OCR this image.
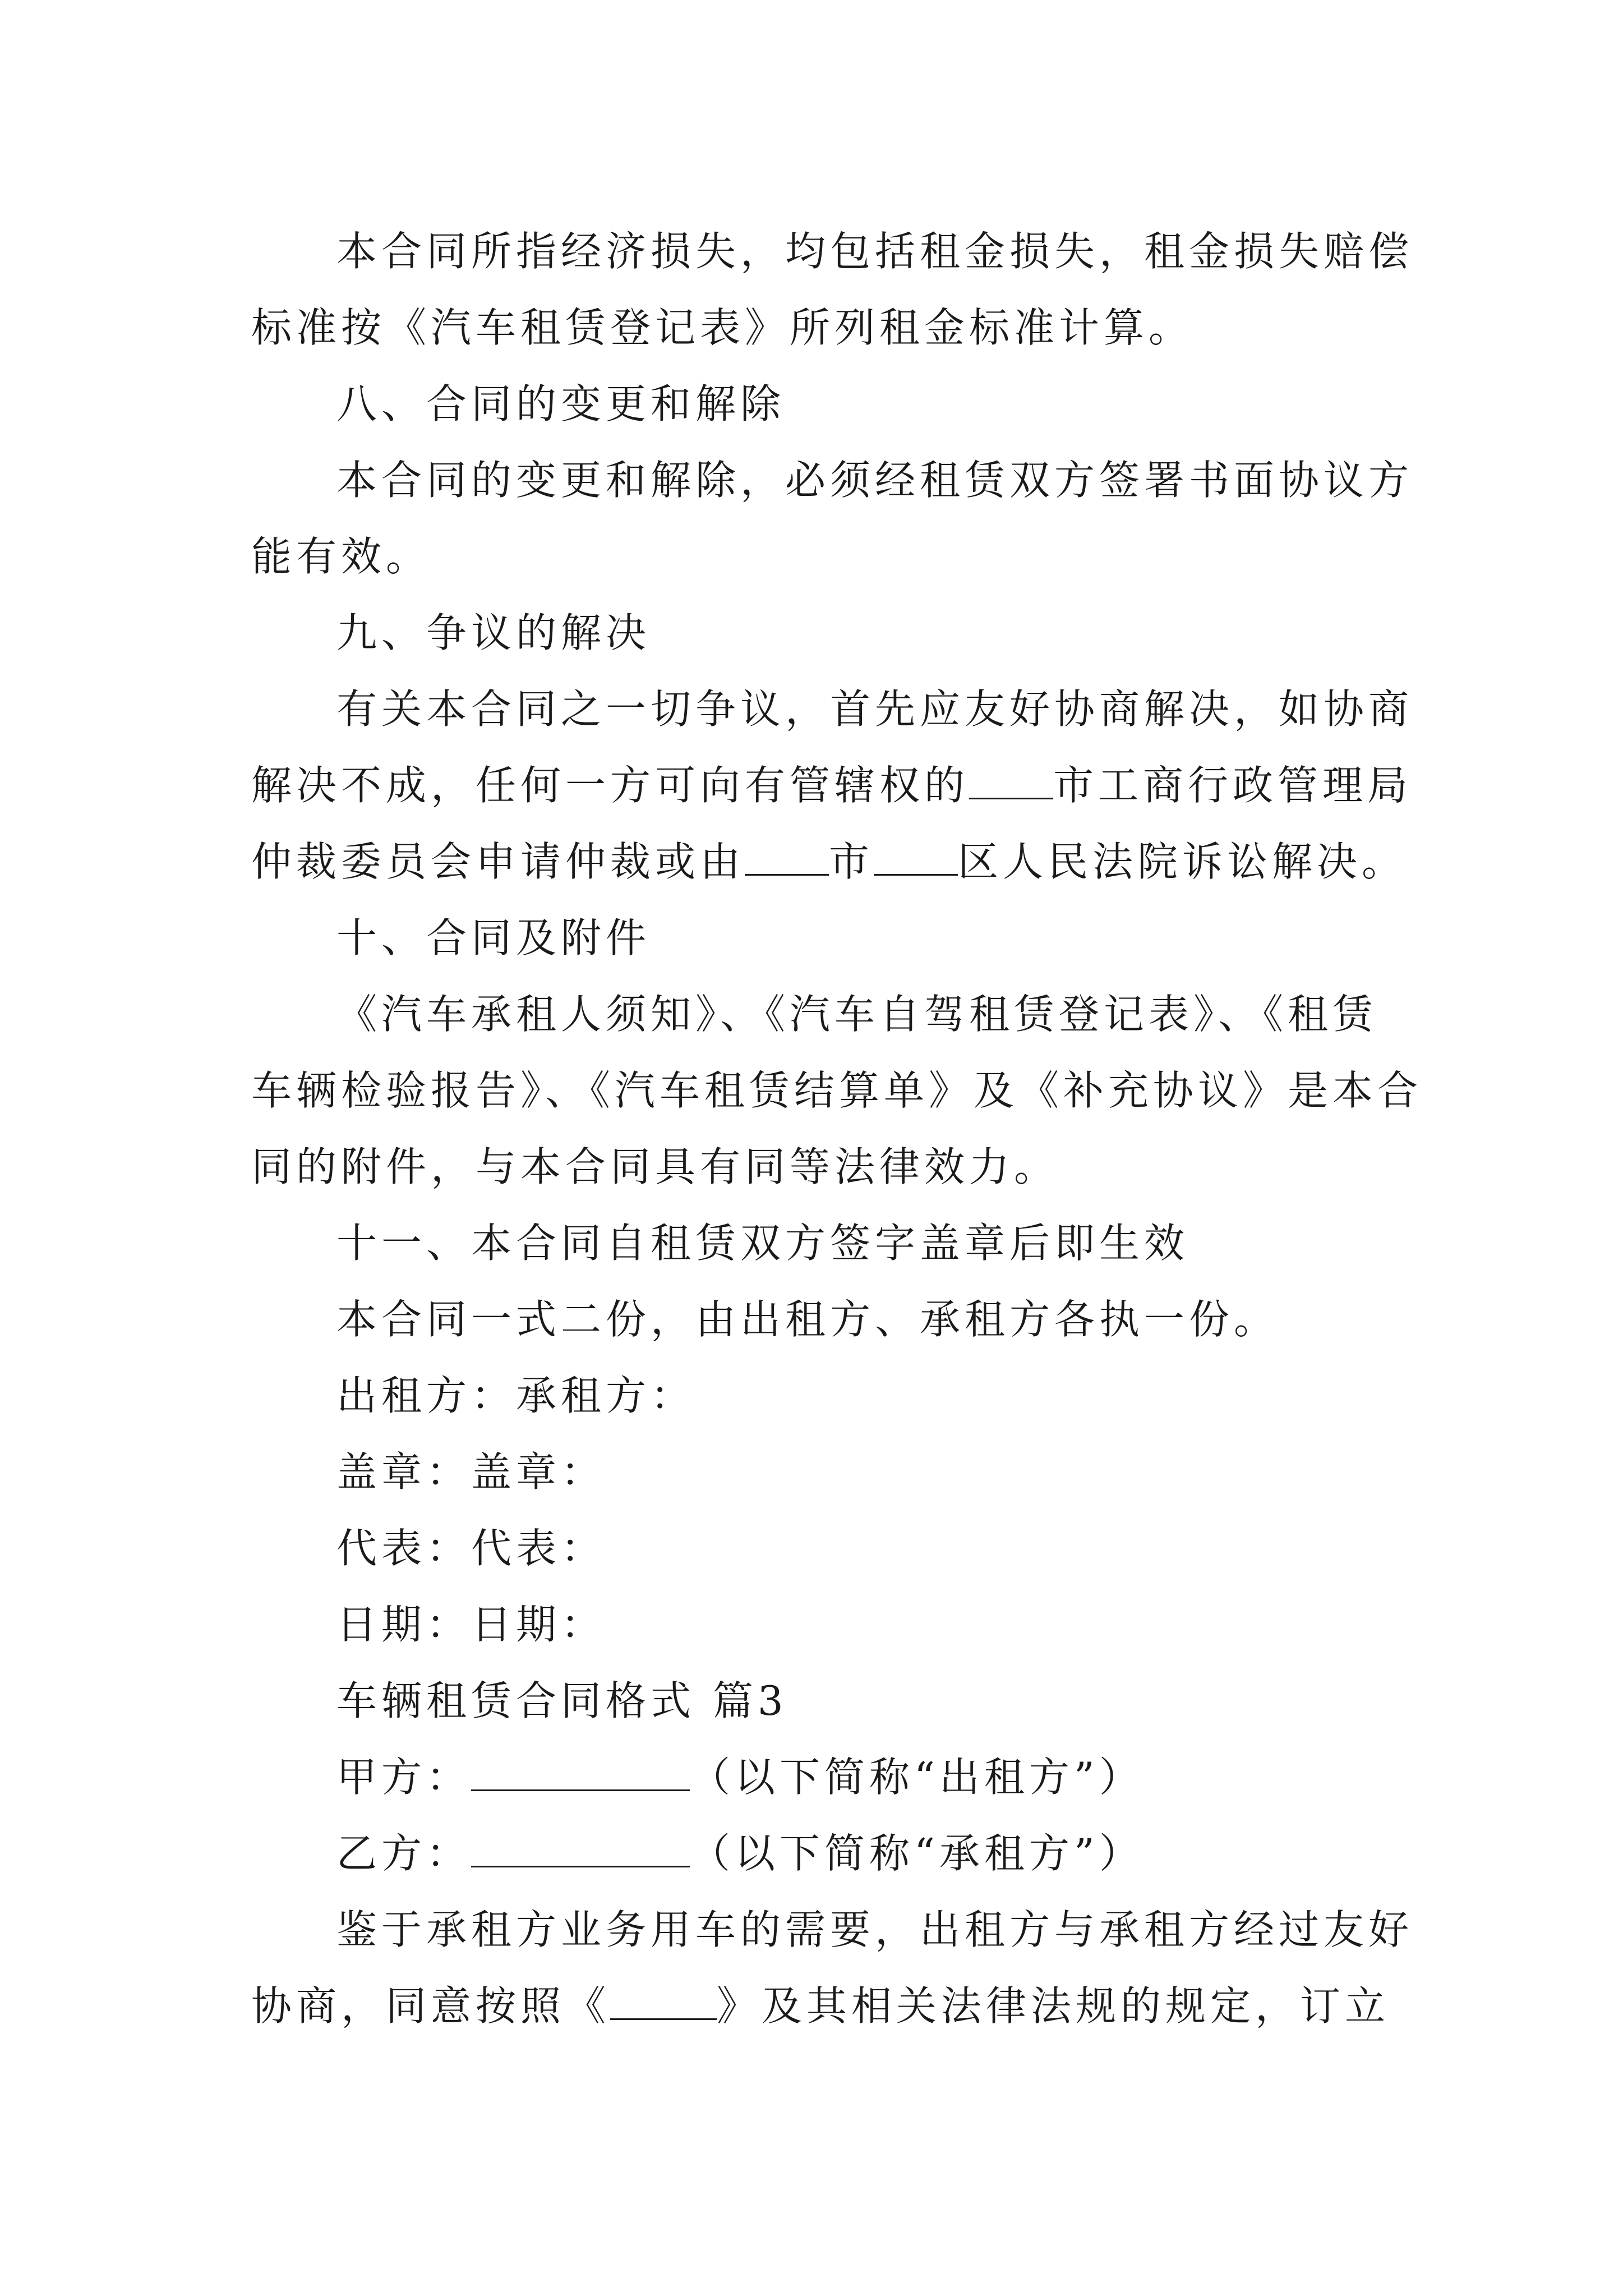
本合同所指经济损失，均包括租金损失，租金损失赔偿
标准按《汽车租赁登记表》所列租金标准计算。

八、合同的变更和解除

本合同的变更和解除，必须经租赁双方签署书面协议方
能有效。

九、争议的解决

有关本合同之一切争议，首先应友好协商解决，如协商
解决不成，任何一方可向有管辖权的 市工商行政管理局
仲裁委员会申请仲裁或由 市 区人民法院诉讼解决。

十、合同及附件

《汽车承租人须知》、《汽车自驾租赁登记表》、《租赁
车辆检验报告》、《汽车租赁结算单》及《补充协议》是本合
同的附件，与本合同具有同等法律效力。

十一、本合同自租赁双方签字盖章后即生效

本合同一式二份，由出租方、承租方各执一份。

出租方：承租方：

盖章：盖章：

代表：代表：

日期：日期：

车辆租赁合同格式 篇3

甲方：	（以下简称“出租方”）

乙方：	（以下简称“承租方”）

鉴于承租方业务用车的需要，出租方与承租方经过友好
协商，同意按照《	》及其相关法律法规的规定，订立
